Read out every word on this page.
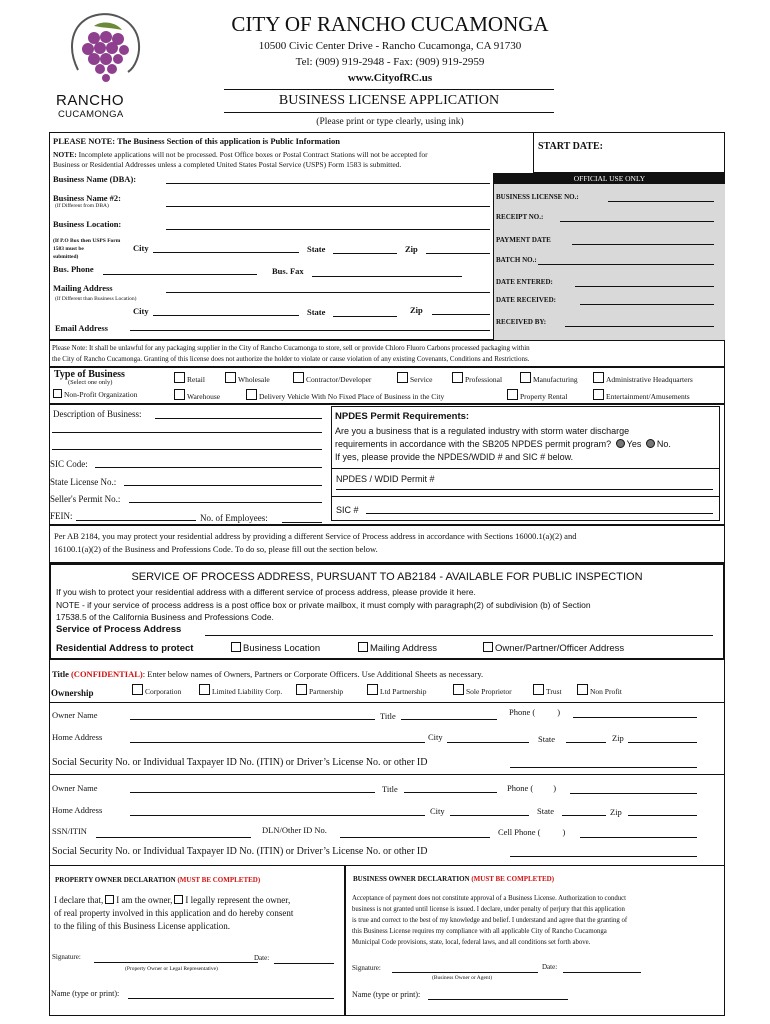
RANCHO
CUCAMONGA
CITY OF RANCHO CUCAMONGA
10500 Civic Center Drive - Rancho Cucamonga, CA 91730
Tel: (909) 919-2948 - Fax: (909) 919-2959
www.CityofRC.us
BUSINESS LICENSE APPLICATION
(Please print or type clearly, using ink)
PLEASE NOTE: The Business Section of this application is Public Information
NOTE: Incomplete applications will not be processed. Post Office boxes or Postal Contract Stations will not be accepted for
Business or Residential Addresses unless a completed United States Postal Service (USPS) Form 1583 is submitted.
START DATE:
Business Name (DBA):
Business Name #2:
(If Different from DBA)
Business Location:
(If P.O Box then USPS Form
1583 must be
submitted)
City	State	Zip
Bus. Phone	Bus. Fax
Mailing Address
(If Different than Business Location)
City	State	Zip
Email Address
OFFICIAL USE ONLY
BUSINESS LICENSE NO.:
RECEIPT NO.:
PAYMENT DATE
BATCH NO.:
DATE ENTERED:
DATE RECEIVED:
RECEIVED BY:
Please Note: It shall be unlawful for any packaging supplier in the City of Rancho Cucamonga to store, sell or provide Chloro Fluoro Carbons processed packaging within
the City of Rancho Cucamonga. Granting of this license does not authorize the holder to violate or cause violation of any existing Covenants, Conditions and Restrictions.
Type of Business
(Select one only)
Non-Profit Organization
Retail	Wholesale	Contractor/Developer	Service	Professional	Manufacturing	Administrative Headquarters
Warehouse	Delivery Vehicle With No Fixed Place of Business in the City	Property Rental	Entertainment/Amusements
Description of Business:
SIC Code:
State License No.:
Seller's Permit No.:
FEIN:	No. of Employees:
NPDES Permit Requirements:
Are you a business that is a regulated industry with storm water discharge
requirements in accordance with the SB205 NPDES permit program? Yes No.
If yes, please provide the NPDES/WDID # and SIC # below.
NPDES / WDID Permit #
SIC #
Per AB 2184, you may protect your residential address by providing a different Service of Process address in accordance with Sections 16000.1(a)(2) and
16100.1(a)(2) of the Business and Professions Code. To do so, please fill out the section below.
SERVICE OF PROCESS ADDRESS, PURSUANT TO AB2184 - AVAILABLE FOR PUBLIC INSPECTION
If you wish to protect your residential address with a different service of process address, please provide it here.
NOTE - if your service of process address is a post office box or private mailbox, it must comply with paragraph(2) of subdivision (b) of Section
17538.5 of the California Business and Professions Code.
Service of Process Address
Residential Address to protect	Business Location	Mailing Address	Owner/Partner/Officer Address
Title (CONFIDENTIAL): Enter below names of Owners, Partners or Corporate Officers. Use Additional Sheets as necessary.
Ownership	Corporation	Limited Liability Corp.	Partnership	Ltd Partnership	Sole Proprietor	Trust	Non Profit
Owner Name	Title	Phone (	)
Home Address	City	State	Zip
Social Security No. or Individual Taxpayer ID No. (ITIN) or Driver’s License No. or other ID
Owner Name	Title	Phone ( )
Home Address	City	State	Zip
SSN/ITIN	DLN/Other ID No.	Cell Phone (	)
Social Security No. or Individual Taxpayer ID No. (ITIN) or Driver’s License No. or other ID
PROPERTY OWNER DECLARATION (MUST BE COMPLETED)
I declare that, I am the owner, I legally represent the owner,
of real property involved in this application and do hereby consent
to the filing of this Business License application.
Signature:	Date:
(Property Owner or Legal Representative)
Name (type or print):
BUSINESS OWNER DECLARATION (MUST BE COMPLETED)
Acceptance of payment does not constitute approval of a Business License. Authorization to conduct
business is not granted until license is issued. I declare, under penalty of perjury that this application
is true and correct to the best of my knowledge and belief. I understand and agree that the granting of
this Business License requires my compliance with all applicable City of Rancho Cucamonga
Municipal Code provisions, state, local, federal laws, and all conditions set forth above.
Signature:	Date:
(Business Owner or Agent)
Name (type or print):
